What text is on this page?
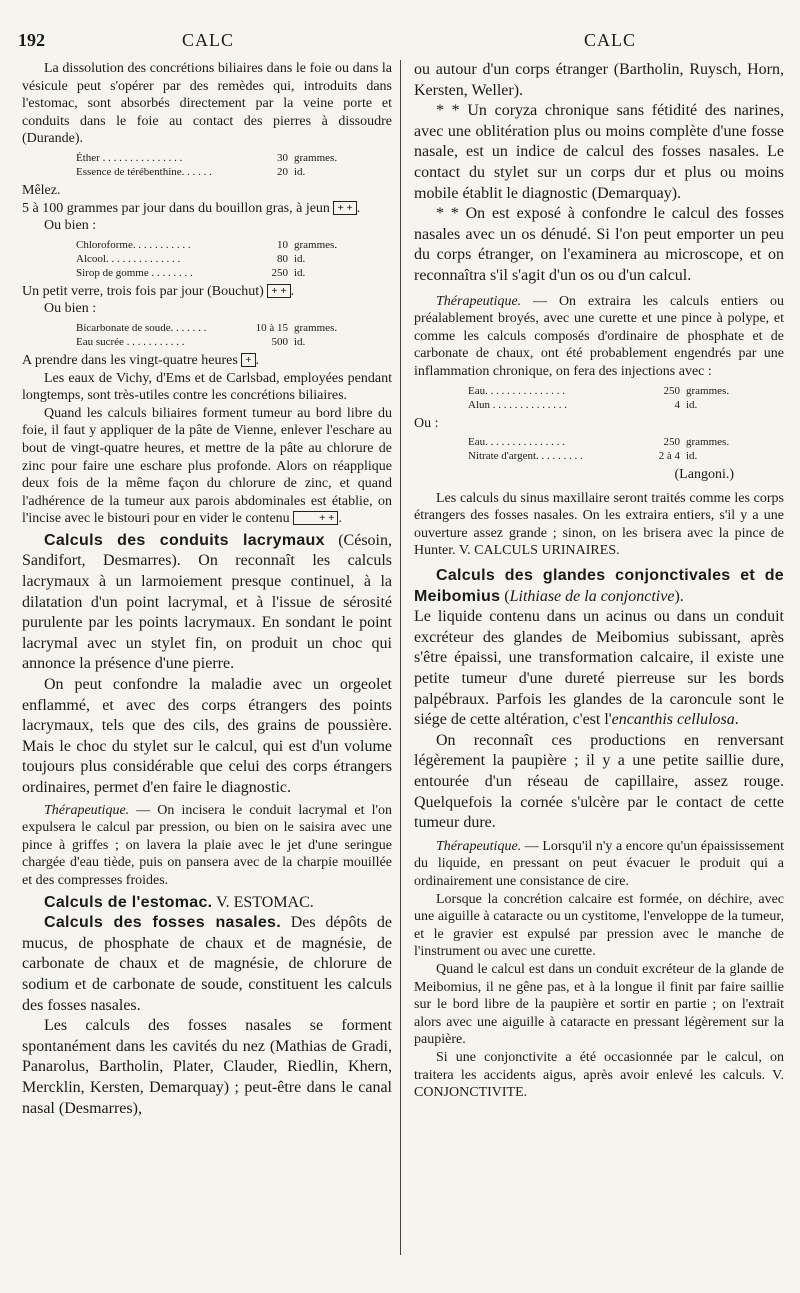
192	CALC	CALC

La dissolution des concrétions biliaires dans le foie ou dans la vésicule peut s'opérer par des remèdes qui, introduits dans l'estomac, sont absorbés directement par la veine porte et conduits dans le foie au contact des pierres à dissoudre (Durande).

Éther . . . . . . . . . . . . . . .	30 grammes.
Essence de térébenthine. . . . . .	20 id.

Mêlez.

5 à 100 grammes par jour dans du bouillon gras, à jeun + + .

Ou bien :

Chloroforme. . . . . . . . . . .	10 grammes.
Alcool. . . . . . . . . . . . . .	80 id.
Sirop de gomme . . . . . . . .	250 id.

Un petit verre, trois fois par jour (Bouchut) + + .

Ou bien :

Bicarbonate de soude. . . . . . .	10 à 15 grammes.
Eau sucrée . . . . . . . . . . .	500 id.

A prendre dans les vingt-quatre heures + .

Les eaux de Vichy, d'Ems et de Carlsbad, employées pendant longtemps, sont très-utiles contre les concrétions biliaires.

Quand les calculs biliaires forment tumeur au bord libre du foie, il faut y appliquer de la pâte de Vienne, enlever l'eschare au bout de vingt-quatre heures, et mettre de la pâte au chlorure de zinc pour faire une eschare plus profonde. Alors on réapplique deux fois de la même façon du chlorure de zinc, et quand l'adhérence de la tumeur aux parois abdominales est établie, on l'incise avec le bistouri pour en vider le contenu	+ + .

Calculs des conduits lacrymaux (Césoin, Sandifort, Desmarres). On reconnaît les calculs lacrymaux à un larmoiement presque continuel, à la dilatation d'un point lacrymal, et à l'issue de sérosité purulente par les points lacrymaux. En sondant le point lacrymal avec un stylet fin, on produit un choc qui annonce la présence d'une pierre.

On peut confondre la maladie avec un orgeolet enflammé, et avec des corps étrangers des points lacrymaux, tels que des cils, des grains de poussière. Mais le choc du stylet sur le calcul, qui est d'un volume toujours plus considérable que celui des corps étrangers ordinaires, permet d'en faire le diagnostic.

Thérapeutique. — On incisera le conduit lacrymal et l'on expulsera le calcul par pression, ou bien on le saisira avec une pince à griffes ; on lavera la plaie avec le jet d'une seringue chargée d'eau tiède, puis on pansera avec de la charpie mouillée et des compresses froides.

Calculs de l'estomac. V. ESTOMAC.

Calculs des fosses nasales. Des dépôts de mucus, de phosphate de chaux et de magnésie, de carbonate de chaux et de magnésie, de chlorure de sodium et de carbonate de soude, constituent les calculs des fosses nasales.

Les calculs des fosses nasales se forment spontanément dans les cavités du nez (Mathias de Gradi, Panarolus, Bartholin, Plater, Clauder, Riedlin, Khern, Mercklin, Kersten, Demarquay) ; peut-être dans le canal nasal (Desmarres),

ou autour d'un corps étranger (Bartholin, Ruysch, Horn, Kersten, Weller).

* * Un coryza chronique sans fétidité des narines, avec une oblitération plus ou moins complète d'une fosse nasale, est un indice de calcul des fosses nasales. Le contact du stylet sur un corps dur et plus ou moins mobile établit le diagnostic (Demarquay).

* * On est exposé à confondre le calcul des fosses nasales avec un os dénudé. Si l'on peut emporter un peu du corps étranger, on l'examinera au microscope, et on reconnaîtra s'il s'agit d'un os ou d'un calcul.

Thérapeutique. — On extraira les calculs entiers ou préalablement broyés, avec une curette et une pince à polype, et comme les calculs composés d'ordinaire de phosphate et de carbonate de chaux, ont été probablement engendrés par une inflammation chronique, on fera des injections avec :

Eau. . . . . . . . . . . . . . .	250 grammes.
Alun . . . . . . . . . . . . . .	4 id.

Ou :

Eau. . . . . . . . . . . . . . .	250 grammes.
Nitrate d'argent. . . . . . . . .	2 à 4 id.

(Langoni.)

Les calculs du sinus maxillaire seront traités comme les corps étrangers des fosses nasales. On les extraira entiers, s'il y a une ouverture assez grande ; sinon, on les brisera avec la pince de Hunter. V. CALCULS URINAIRES.

Calculs des glandes conjonctivales et de Meibomius (Lithiase de la conjonctive).

Le liquide contenu dans un acinus ou dans un conduit excréteur des glandes de Meibomius subissant, après s'être épaissi, une transformation calcaire, il existe une petite tumeur d'une dureté pierreuse sur les bords palpébraux. Parfois les glandes de la caroncule sont le siége de cette altération, c'est l'encanthis cellulosa.

On reconnaît ces productions en renversant légèrement la paupière ; il y a une petite saillie dure, entourée d'un réseau de capillaire, assez rouge. Quelquefois la cornée s'ulcère par le contact de cette tumeur dure.

Thérapeutique. — Lorsqu'il n'y a encore qu'un épaississement du liquide, en pressant on peut évacuer le produit qui a ordinairement une consistance de cire.

Lorsque la concrétion calcaire est formée, on déchire, avec une aiguille à cataracte ou un cystitome, l'enveloppe de la tumeur, et le gravier est expulsé par pression avec le manche de l'instrument ou avec une curette.

Quand le calcul est dans un conduit excréteur de la glande de Meibomius, il ne gêne pas, et à la longue il finit par faire saillie sur le bord libre de la paupière et sortir en partie ; on l'extrait alors avec une aiguille à cataracte en pressant légèrement sur la paupière.

Si une conjonctivite a été occasionnée par le calcul, on traitera les accidents aigus, après avoir enlevé les calculs. V. CONJONCTIVITE.
